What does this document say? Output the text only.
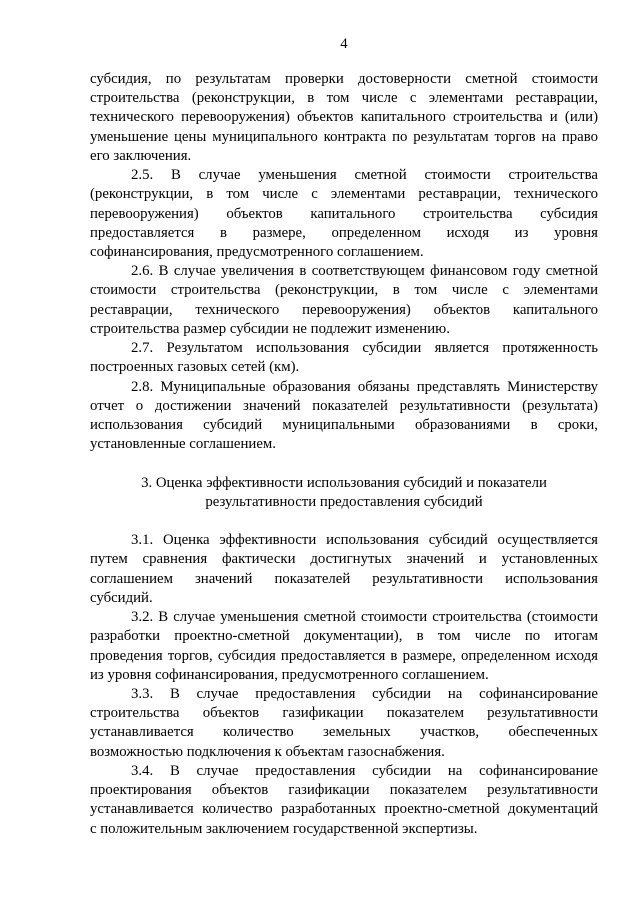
4
субсидия, по результатам проверки достоверности сметной стоимости
строительства (реконструкции, в том числе с элементами реставрации,
технического перевооружения) объектов капитального строительства и (или)
уменьшение цены муниципального контракта по результатам торгов на право
его заключения.
2.5. В случае уменьшения сметной стоимости строительства
(реконструкции, в том числе с элементами реставрации, технического
перевооружения) объектов капитального строительства субсидия
предоставляется в размере, определенном исходя из уровня
софинансирования, предусмотренного соглашением.
2.6. В случае увеличения в соответствующем финансовом году сметной
стоимости строительства (реконструкции, в том числе с элементами
реставрации, технического перевооружения) объектов капитального
строительства размер субсидии не подлежит изменению.
2.7. Результатом использования субсидии является протяженность
построенных газовых сетей (км).
2.8. Муниципальные образования обязаны представлять Министерству
отчет о достижении значений показателей результативности (результата)
использования субсидий муниципальными образованиями в сроки,
установленные соглашением.
3. Оценка эффективности использования субсидий и показатели
результативности предоставления субсидий
3.1. Оценка эффективности использования субсидий осуществляется
путем сравнения фактически достигнутых значений и установленных
соглашением значений показателей результативности использования
субсидий.
3.2. В случае уменьшения сметной стоимости строительства (стоимости
разработки проектно-сметной документации), в том числе по итогам
проведения торгов, субсидия предоставляется в размере, определенном исходя
из уровня софинансирования, предусмотренного соглашением.
3.3. В случае предоставления субсидии на софинансирование
строительства объектов газификации показателем результативности
устанавливается количество земельных участков, обеспеченных
возможностью подключения к объектам газоснабжения.
3.4. В случае предоставления субсидии на софинансирование
проектирования объектов газификации показателем результативности
устанавливается количество разработанных проектно-сметной документаций
с положительным заключением государственной экспертизы.
